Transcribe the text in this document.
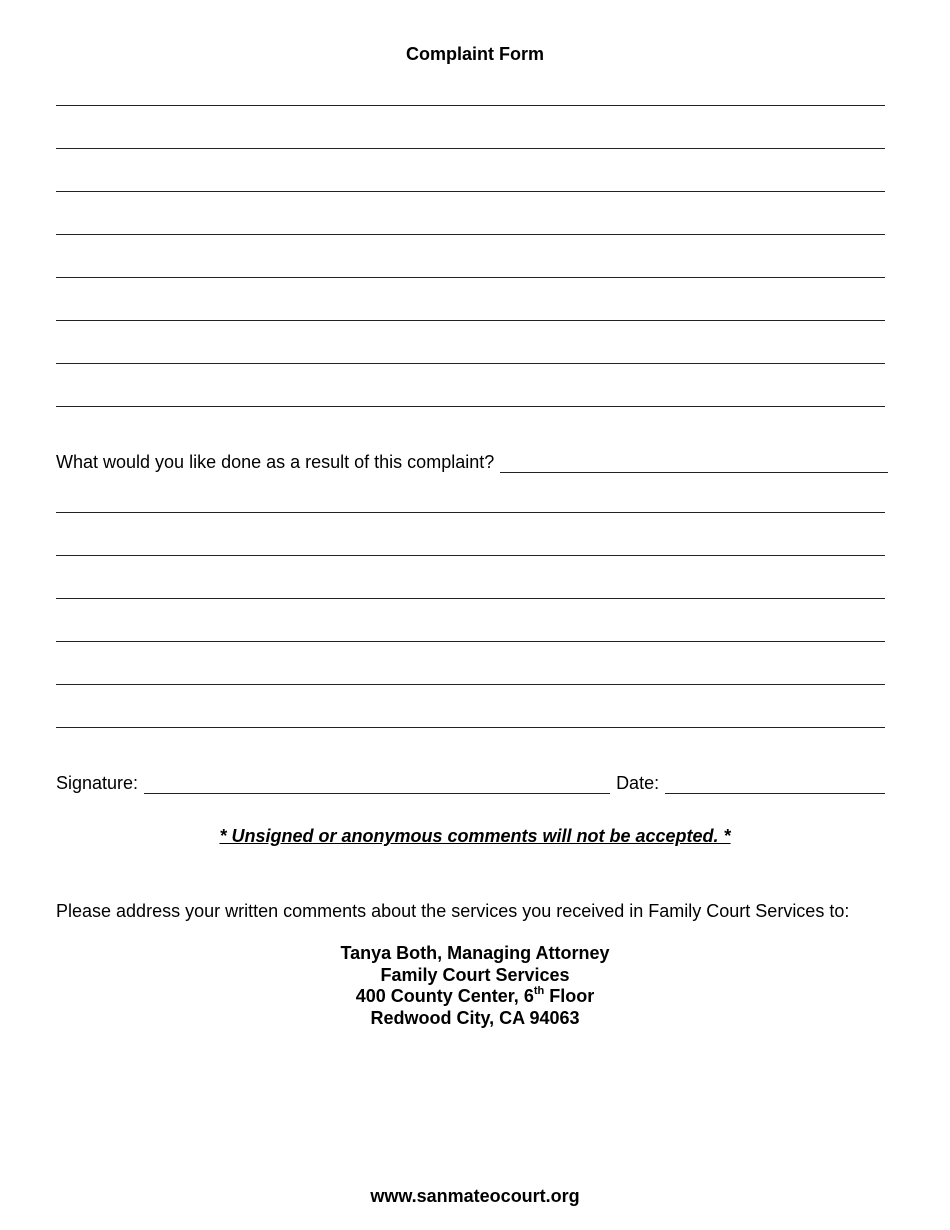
Complaint Form
What would you like done as a result of this complaint?
Signature:	Date:
* Unsigned or anonymous comments will not be accepted. *
Please address your written comments about the services you received in Family Court Services to:
Tanya Both, Managing Attorney
Family Court Services
400 County Center, 6th Floor
Redwood City, CA 94063
www.sanmateocourt.org
